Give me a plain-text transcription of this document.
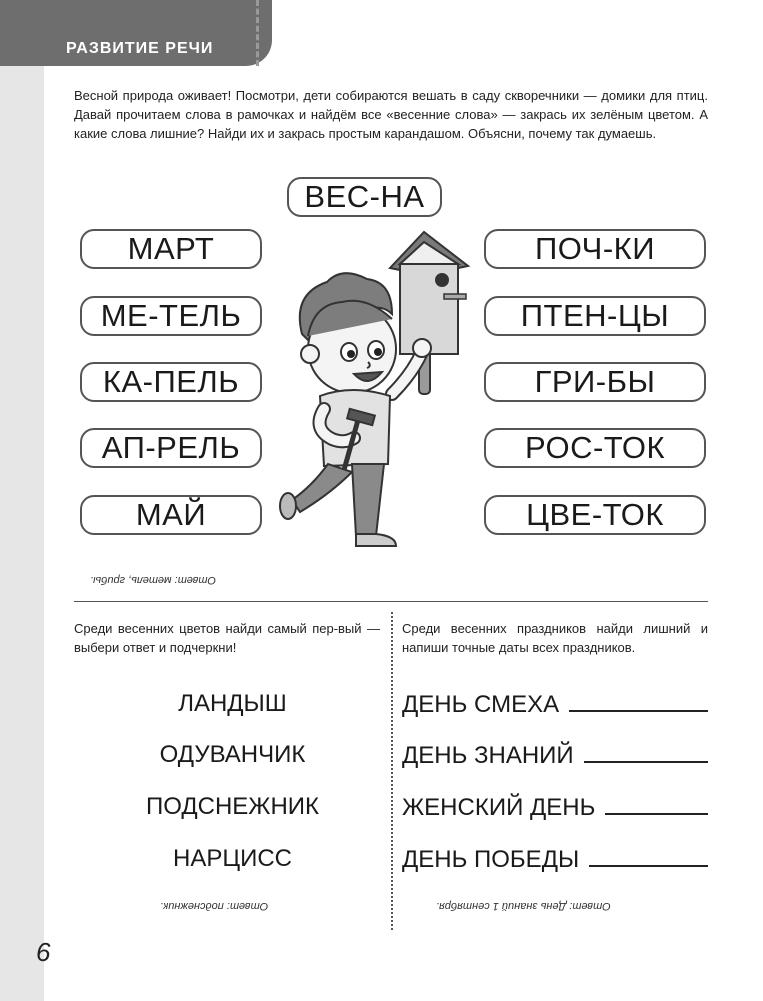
РАЗВИТИЕ РЕЧИ
Весной природа оживает! Посмотри, дети собираются вешать в саду скворечники — домики для птиц. Давай прочитаем слова в рамочках и найдём все «весенние слова» — закрась их зелёным цветом. А какие слова лишние? Найди их и закрась простым карандашом. Объясни, почему так думаешь.
ВЕС-НА
МАРТ
МЕ-ТЕЛЬ
КА-ПЕЛЬ
АП-РЕЛЬ
МАЙ
ПОЧ-КИ
ПТЕН-ЦЫ
ГРИ-БЫ
РОС-ТОК
ЦВЕ-ТОК
Ответ: метель, грибы.
Среди весенних цветов найди самый пер-вый — выбери ответ и подчеркни!
ЛАНДЫШ
ОДУВАНЧИК
ПОДСНЕЖНИК
НАРЦИСС
Ответ: подснежник.
Среди весенних праздников найди лишний и напиши точные даты всех праздников.
ДЕНЬ СМЕХА
ДЕНЬ ЗНАНИЙ
ЖЕНСКИЙ ДЕНЬ
ДЕНЬ ПОБЕДЫ
Ответ: День знаний 1 сентября.
6
